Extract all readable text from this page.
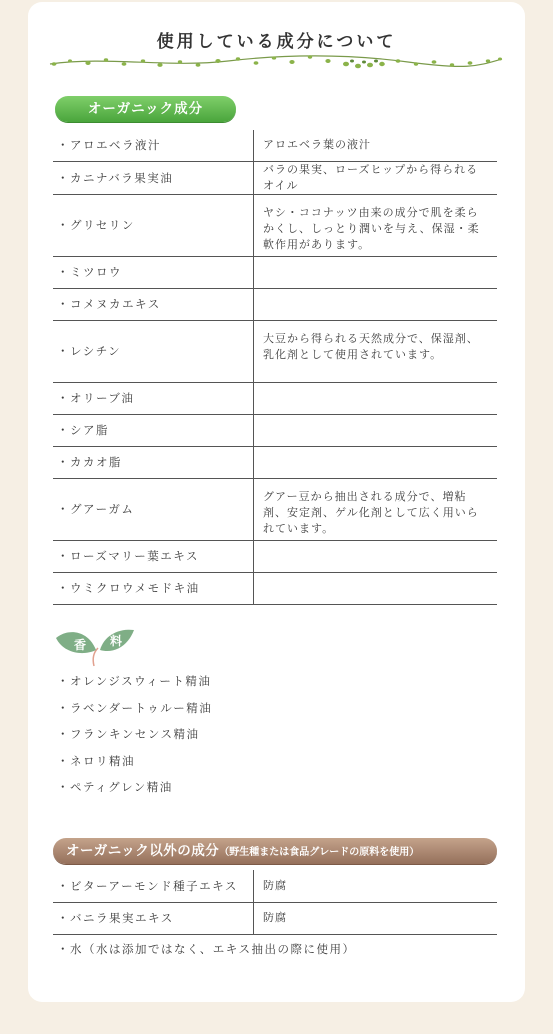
使用している成分について
オーガニック成分
・アロエベラ液汁	アロエベラ葉の液汁
・カニナバラ果実油	バラの果実、ローズヒップから得られるオイル
・グリセリン	ヤシ・ココナッツ由来の成分で肌を柔らかくし、しっとり潤いを与え、保湿・柔軟作用があります。
・ミツロウ	
・コメヌカエキス	
・レシチン	大豆から得られる天然成分で、保湿剤、乳化剤として使用されています。
・オリーブ油	
・シア脂	
・カカオ脂	
・グアーガム	グアー豆から抽出される成分で、増粘剤、安定剤、ゲル化剤として広く用いられています。
・ローズマリー葉エキス	
・ウミクロウメモドキ油	
香 料
・オレンジスウィート精油
・ラベンダートゥルー精油
・フランキンセンス精油
・ネロリ精油
・ペティグレン精油
オーガニック以外の成分（野生種または食品グレードの原料を使用）
・ビターアーモンド種子エキス	防腐
・バニラ果実エキス	防腐
・水（水は添加ではなく、エキス抽出の際に使用）
